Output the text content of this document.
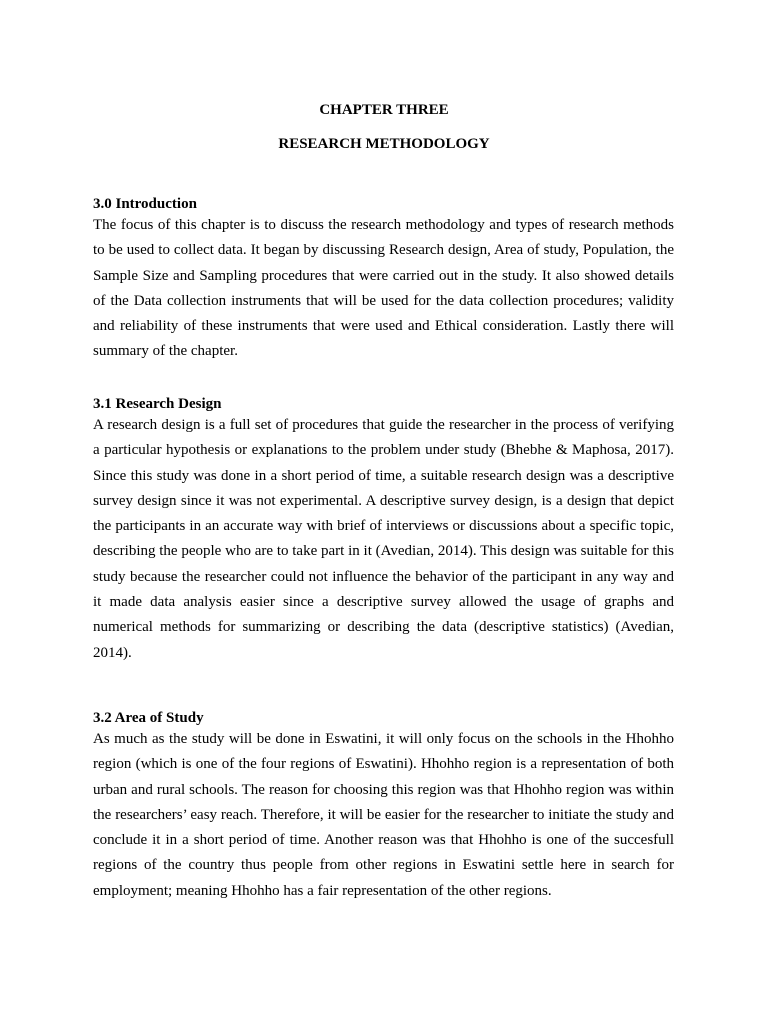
CHAPTER THREE
RESEARCH METHODOLOGY
3.0 Introduction

The focus of this chapter is to discuss the research methodology and types of research methods to be used to collect data. It began by discussing Research design, Area of study, Population, the Sample Size and Sampling procedures that were carried out in the study. It also showed details of the Data collection instruments that will be used for the data collection procedures; validity and reliability of these instruments that were used and Ethical consideration. Lastly there will summary of the chapter.

3.1 Research Design

A research design is a full set of procedures that guide the researcher in the process of verifying a particular hypothesis or explanations to the problem under study (Bhebhe & Maphosa, 2017). Since this study was done in a short period of time, a suitable research design was a descriptive survey design since it was not experimental. A descriptive survey design, is a design that depict the participants in an accurate way with brief of interviews or discussions about a specific topic, describing the people who are to take part in it (Avedian, 2014). This design was suitable for this study because the researcher could not influence the behavior of the participant in any way and it made data analysis easier since a descriptive survey allowed the usage of graphs and numerical methods for summarizing or describing the data (descriptive statistics) (Avedian, 2014).

3.2 Area of Study

As much as the study will be done in Eswatini, it will only focus on the schools in the Hhohho region (which is one of the four regions of Eswatini). Hhohho region is a representation of both urban and rural schools. The reason for choosing this region was that Hhohho region was within the researchers’ easy reach. Therefore, it will be easier for the researcher to initiate the study and conclude it in a short period of time. Another reason was that Hhohho is one of the succesfull regions of the country thus people from other regions in Eswatini settle here in search for employment; meaning Hhohho has a fair representation of the other regions.
